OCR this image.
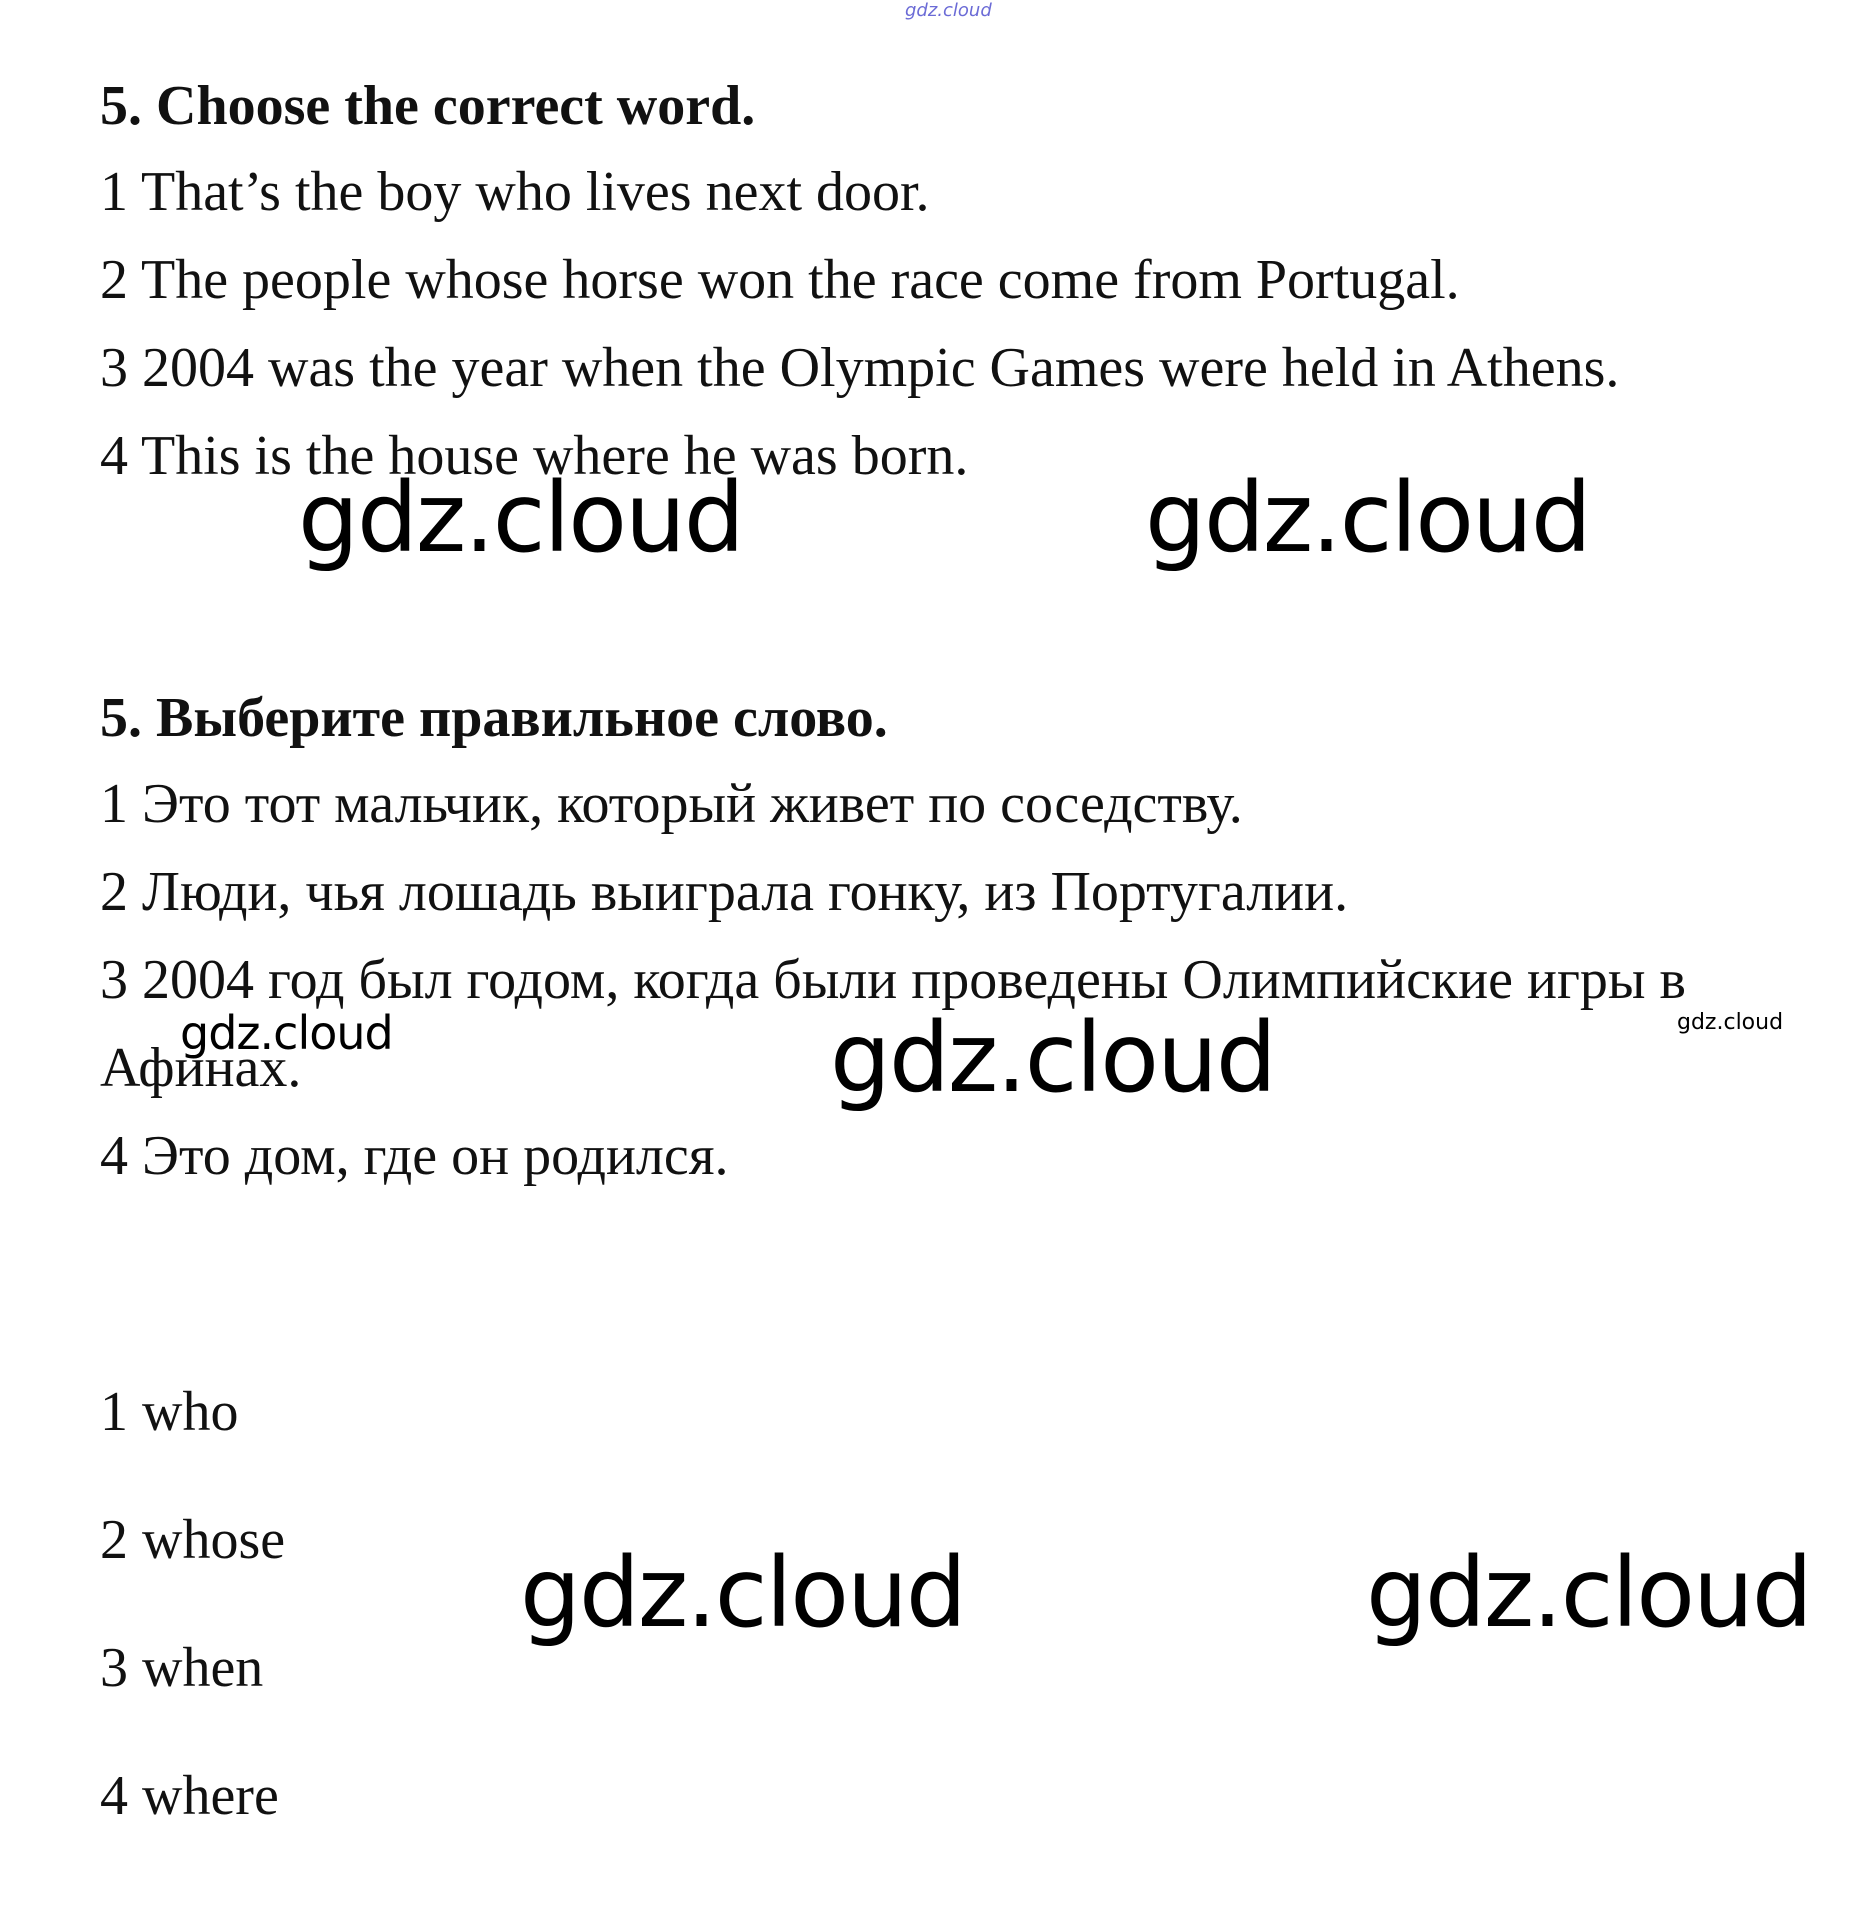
gdz.cloud
5. Choose the correct word.
1 That’s the boy who lives next door.
2 The people whose horse won the race come from Portugal.
3 2004 was the year when the Olympic Games were held in Athens.
4 This is the house where he was born.
5. Выберите правильное слово.
1 Это тот мальчик, который живет по соседству.
2 Люди, чья лошадь выиграла гонку, из Португалии.
3 2004 год был годом, когда были проведены Олимпийские игры в
Афинах.
4 Это дом, где он родился.
1 who
2 whose
3 when
4 where
gdz.cloud	gdz.cloud
gdz.cloud	gdz.cloud	gdz.cloud
gdz.cloud	gdz.cloud
